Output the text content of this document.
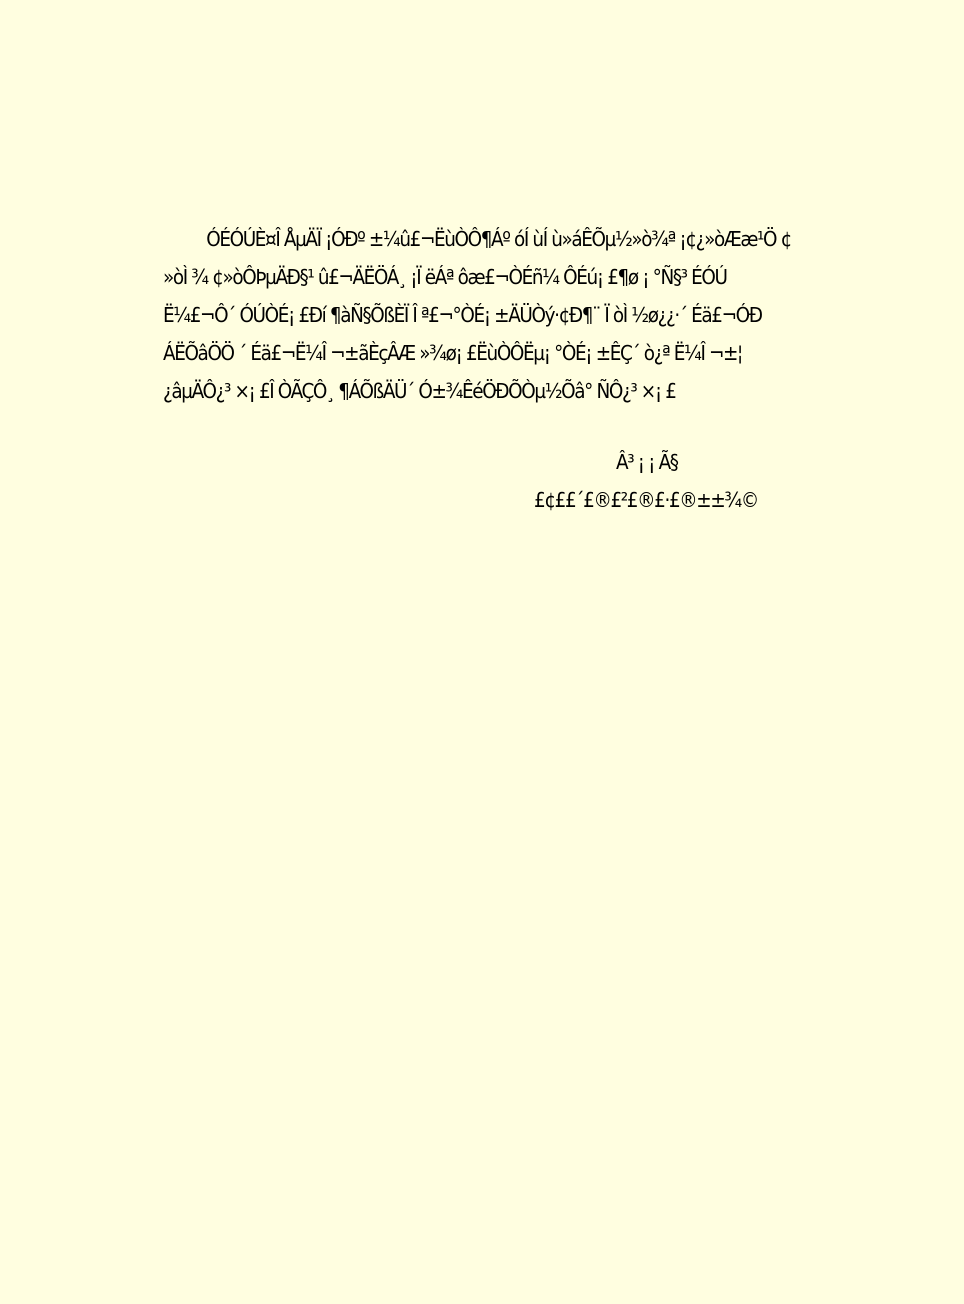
ÓÉÓÚÈ¤Î ÅµÄÏ ¡ÓÐº ±¼û£¬ËùÒÔ¶Áº óÍ ùÍ ù»áÊÕµ½»ò¾ª ¡¢¿»òÆæ¹Ö ¢
»òÌ ¾ ¢»òÔÞµÄÐ§¹ û£¬ÄËÖÁ¸ ¡Ï ëÁª ôæ£¬ÒÉñ¼ ÔÉú¡ £¶ø ¡ °Ñ§³ ÉÓÚ
Ë¼£¬Ô´ ÓÚÒÉ¡ £Ðí ¶àÑ§ÕßÈÏ Î ª£¬°ÒÉ¡ ±ÄÜÒý·¢Ð¶¨ Ï òÌ ½ø¿¿·´ Éä£¬ÓÐ
ÁËÕâÖÖ ´ Éä£¬Ë¼Î ¬±ãÈçÂÆ »¾ø¡ £ËùÒÔËµ¡ °ÒÉ¡ ±ÊÇ´ ò¿ª Ë¼Î ¬±¦
¿âµÄÔ¿³ ×¡ £Î ÒÃÇÔ¸ ¶ÁÕßÄÜ´ Ó±¾ÊéÖÐÕÒµ½Õâ° ÑÔ¿³ ×¡ £
Â³ ¡ ¡ Ã§
£¢££´£®£²£®£·£®±±¾©
